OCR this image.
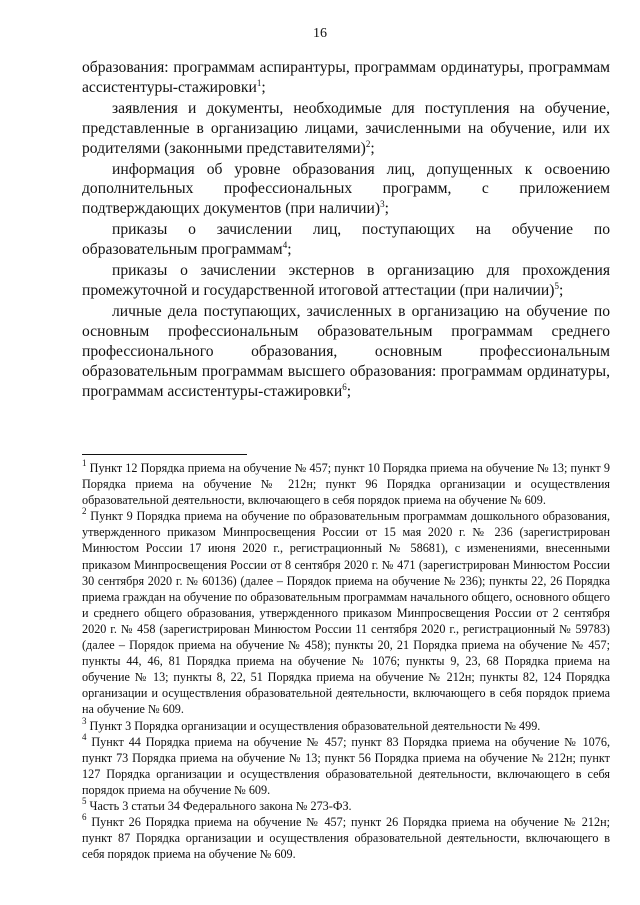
16

образования: программам аспирантуры, программам ординатуры, программам ассистентуры-стажировки$^1$;

заявления и документы, необходимые для поступления на обучение, представленные в организацию лицами, зачисленными на обучение, или их родителями (законными представителями)$^2$;

информация об уровне образования лиц, допущенных к освоению дополнительных профессиональных программ, с приложением подтверждающих документов (при наличии)$^3$;

приказы о зачислении лиц, поступающих на обучение по образовательным программам$^4$;

приказы о зачислении экстернов в организацию для прохождения промежуточной и государственной итоговой аттестации (при наличии)$^5$;

личные дела поступающих, зачисленных в организацию на обучение по основным профессиональным образовательным программам среднего профессионального образования, основным профессиональным образовательным программам высшего образования: программам ординатуры, программам ассистентуры-стажировки$^6$;

$^1$ Пункт 12 Порядка приема на обучение № 457; пункт 10 Порядка приема на обучение № 13; пункт 9 Порядка приема на обучение № 212н; пункт 96 Порядка организации и осуществления образовательной деятельности, включающего в себя порядок приема на обучение № 609.

$^2$ Пункт 9 Порядка приема на обучение по образовательным программам дошкольного образования, утвержденного приказом Минпросвещения России от 15 мая 2020 г. № 236 (зарегистрирован Минюстом России 17 июня 2020 г., регистрационный № 58681), с изменениями, внесенными приказом Минпросвещения России от 8 сентября 2020 г. № 471 (зарегистрирован Минюстом России 30 сентября 2020 г. № 60136) (далее – Порядок приема на обучение № 236); пункты 22, 26 Порядка приема граждан на обучение по образовательным программам начального общего, основного общего и среднего общего образования, утвержденного приказом Минпросвещения России от 2 сентября 2020 г. № 458 (зарегистрирован Минюстом России 11 сентября 2020 г., регистрационный № 59783) (далее – Порядок приема на обучение № 458); пункты 20, 21 Порядка приема на обучение № 457; пункты 44, 46, 81 Порядка приема на обучение № 1076; пункты 9, 23, 68 Порядка приема на обучение № 13; пункты 8, 22, 51 Порядка приема на обучение № 212н; пункты 82, 124 Порядка организации и осуществления образовательной деятельности, включающего в себя порядок приема на обучение № 609.

$^3$ Пункт 3 Порядка организации и осуществления образовательной деятельности № 499.

$^4$ Пункт 44 Порядка приема на обучение № 457; пункт 83 Порядка приема на обучение № 1076, пункт 73 Порядка приема на обучение № 13; пункт 56 Порядка приема на обучение № 212н; пункт 127 Порядка организации и осуществления образовательной деятельности, включающего в себя порядок приема на обучение № 609.

$^5$ Часть 3 статьи 34 Федерального закона № 273-ФЗ.

$^6$ Пункт 26 Порядка приема на обучение № 457; пункт 26 Порядка приема на обучение № 212н; пункт 87 Порядка организации и осуществления образовательной деятельности, включающего в себя порядок приема на обучение № 609.
